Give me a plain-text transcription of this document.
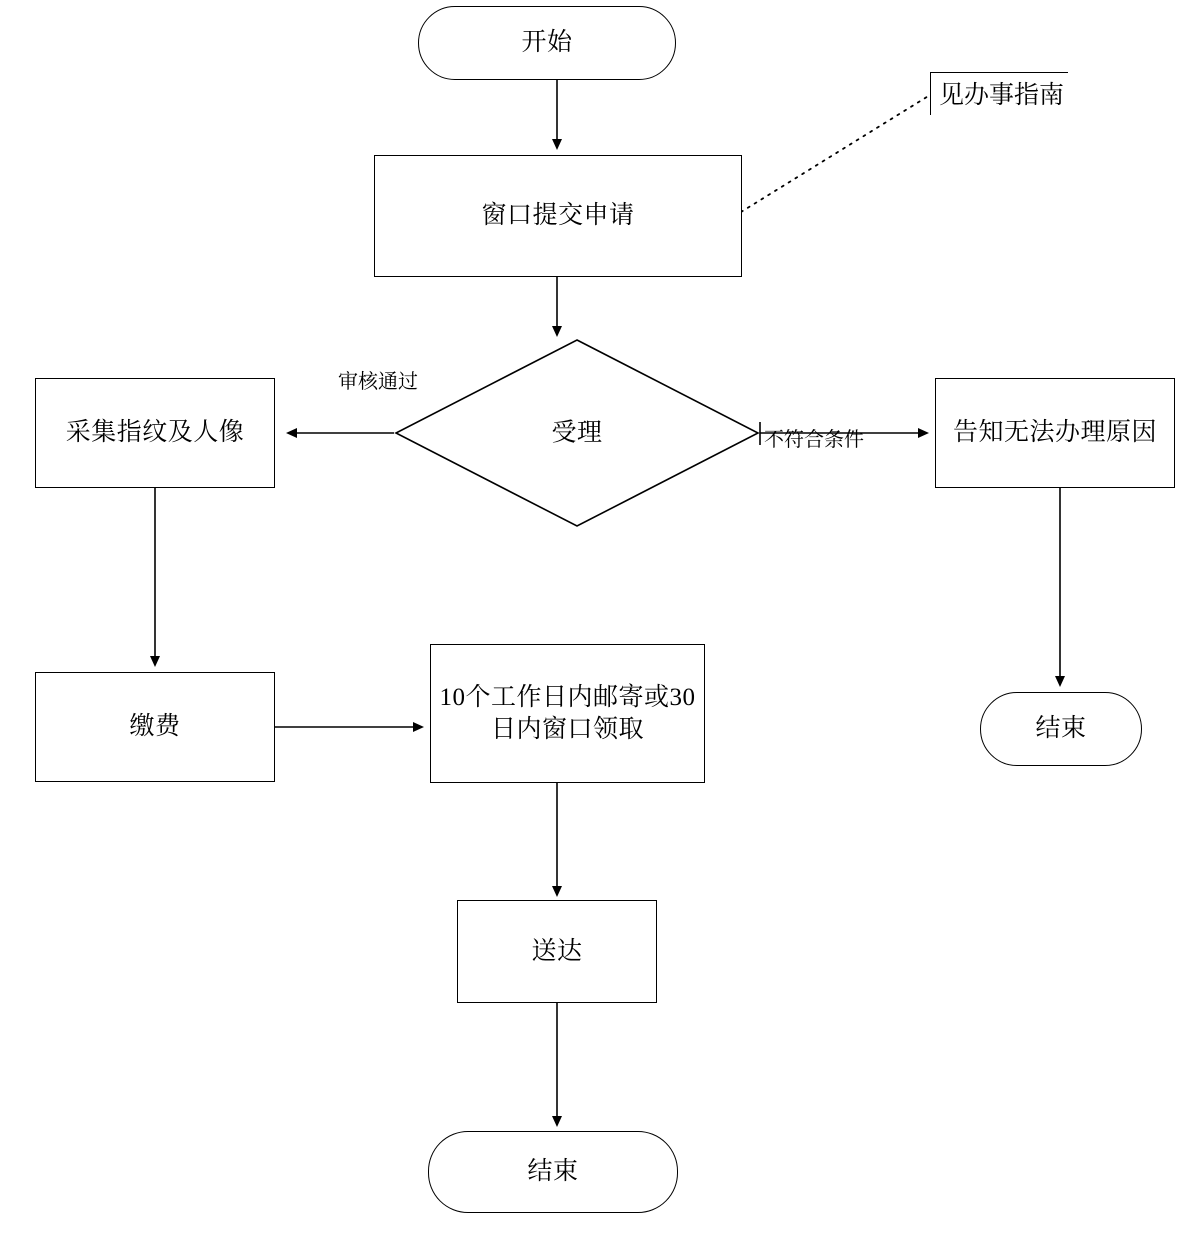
开始
窗口提交申请
受理
采集指纹及人像	告知无法办理原因
缴费
10个工作日内邮寄或30日内窗口领取
送达
结束
结束
审核通过
不符合条件
见办事指南
